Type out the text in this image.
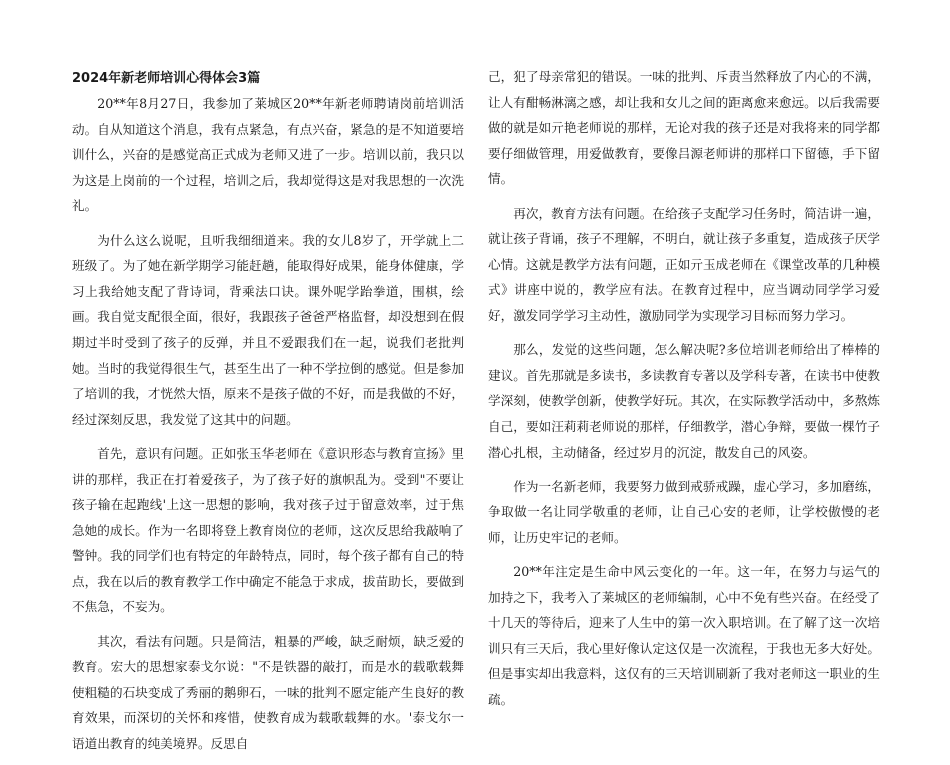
2024年新老师培训心得体会3篇

20**年8月27日，我参加了莱城区20**年新老师聘请岗前培训活动。自从知道这个消息，我有点紧急，有点兴奋，紧急的是不知道要培训什么，兴奋的是感觉高正式成为老师又进了一步。培训以前，我只以为这是上岗前的一个过程，培训之后，我却觉得这是对我思想的一次洗礼。

为什么这么说呢，且听我细细道来。我的女儿8岁了，开学就上二班级了。为了她在新学期学习能赶趟，能取得好成果，能身体健康，学习上我给她支配了背诗词，背乘法口诀。课外呢学跆拳道，围棋，绘画。我自觉支配很全面，很好，我跟孩子爸爸严格监督，却没想到在假期过半时受到了孩子的反弹，并且不爱跟我们在一起，说我们老批判她。当时的我觉得很生气，甚至生出了一种不学拉倒的感觉。但是参加了培训的我，才恍然大悟，原来不是孩子做的不好，而是我做的不好，经过深刻反思，我发觉了这其中的问题。

首先，意识有问题。正如张玉华老师在《意识形态与教育宣扬》里讲的那样，我正在打着爱孩子，为了孩子好的旗帜乱为。受到"不要让孩子输在起跑线'上这一思想的影响，我对孩子过于留意效率，过于焦急她的成长。作为一名即将登上教育岗位的老师，这次反思给我敲响了警钟。我的同学们也有特定的年龄特点，同时，每个孩子都有自己的特点，我在以后的教育教学工作中确定不能急于求成，拔苗助长，要做到不焦急，不妄为。

其次，看法有问题。只是简洁，粗暴的严峻，缺乏耐烦，缺乏爱的教育。宏大的思想家泰戈尔说："不是铁器的敲打，而是水的载歌载舞使粗糙的石块变成了秀丽的鹅卵石，一味的批判不愿定能产生良好的教育效果，而深切的关怀和疼惜，使教育成为载歌载舞的水。'泰戈尔一语道出教育的纯美境界。反思自

己，犯了母亲常犯的错误。一味的批判、斥责当然释放了内心的不满，让人有酣畅淋漓之感，却让我和女儿之间的距离愈来愈远。以后我需要做的就是如亓艳老师说的那样，无论对我的孩子还是对我将来的同学都要仔细做管理，用爱做教育，要像吕源老师讲的那样口下留德，手下留情。

再次，教育方法有问题。在给孩子支配学习任务时，简洁讲一遍，就让孩子背诵，孩子不理解，不明白，就让孩子多重复，造成孩子厌学心情。这就是教学方法有问题，正如亓玉成老师在《课堂改革的几种模式》讲座中说的，教学应有法。在教育过程中，应当调动同学学习爱好，激发同学学习主动性，激励同学为实现学习目标而努力学习。

那么，发觉的这些问题，怎么解决呢?多位培训老师给出了棒棒的建议。首先那就是多读书，多读教育专著以及学科专著，在读书中使教学深刻，使教学创新，使教学好玩。其次，在实际教学活动中，多熬炼自己，要如汪莉莉老师说的那样，仔细教学，潜心争辩，要做一棵竹子潜心扎根，主动储备，经过岁月的沉淀，散发自己的风姿。

作为一名新老师，我要努力做到戒骄戒躁，虚心学习，多加磨练，争取做一名让同学敬重的老师，让自己心安的老师，让学校傲慢的老师，让历史牢记的老师。

20**年注定是生命中风云变化的一年。这一年，在努力与运气的加持之下，我考入了莱城区的老师编制，心中不免有些兴奋。在经受了十几天的等待后，迎来了人生中的第一次入职培训。在了解了这一次培训只有三天后，我心里好像认定这仅是一次流程，于我也无多大好处。但是事实却出我意料，这仅有的三天培训刷新了我对老师这一职业的生疏。
